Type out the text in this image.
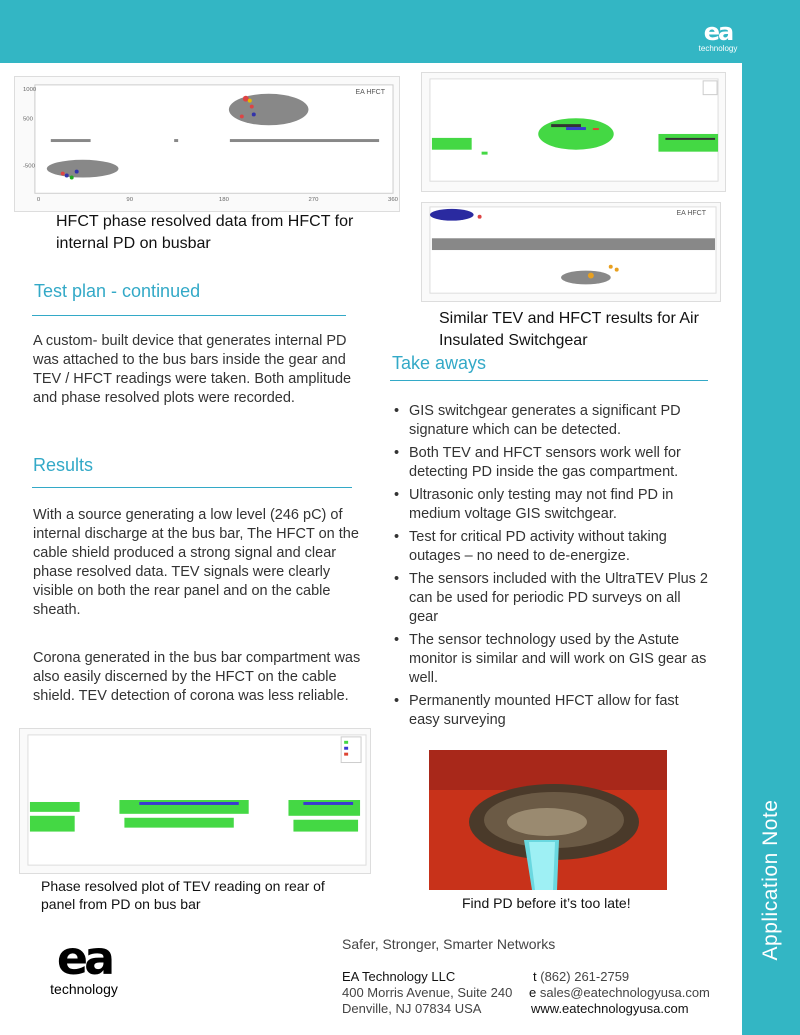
Application Note
ea
technology
1000
500
-500
0	90	180	270	360
EA HFCT
HFCT phase resolved data from HFCT for internal PD on busbar
EA HFCT
Similar TEV and HFCT results for Air Insulated Switchgear
Test plan - continued
A custom- built device that generates internal PD was attached to the bus bars inside the gear and TEV / HFCT readings were taken. Both amplitude and phase resolved plots were recorded.
Results
With a source generating a low level (246 pC) of internal discharge at the bus bar, The HFCT on the cable shield produced a strong signal and clear phase resolved data. TEV signals were clearly visible on both the rear panel and on the cable sheath.
Corona generated in the bus bar compartment was also easily discerned by the HFCT on the cable shield. TEV detection of corona was less reliable.
Take aways
• GIS switchgear generates a significant PD signature which can be detected.
• Both TEV and HFCT sensors work well for detecting PD inside the gas compartment.
• Ultrasonic only testing may not find PD in medium voltage GIS switchgear.
• Test for critical PD activity without taking outages – no need to de-energize.
• The sensors included with the UltraTEV Plus 2 can be used for periodic PD surveys on all gear
• The sensor technology used by the Astute monitor is similar and will work on GIS gear as well.
• Permanently mounted HFCT allow for fast easy surveying
Phase resolved plot of TEV reading on rear of panel from PD on bus bar	Find PD before it’s too late!
ea
technology
Safer, Stronger, Smarter Networks
EA Technology LLC
400 Morris Avenue, Suite 240
Denville, NJ 07834 USA
t (862) 261-2759
e sales@eatechnologyusa.com
www.eatechnologyusa.com
